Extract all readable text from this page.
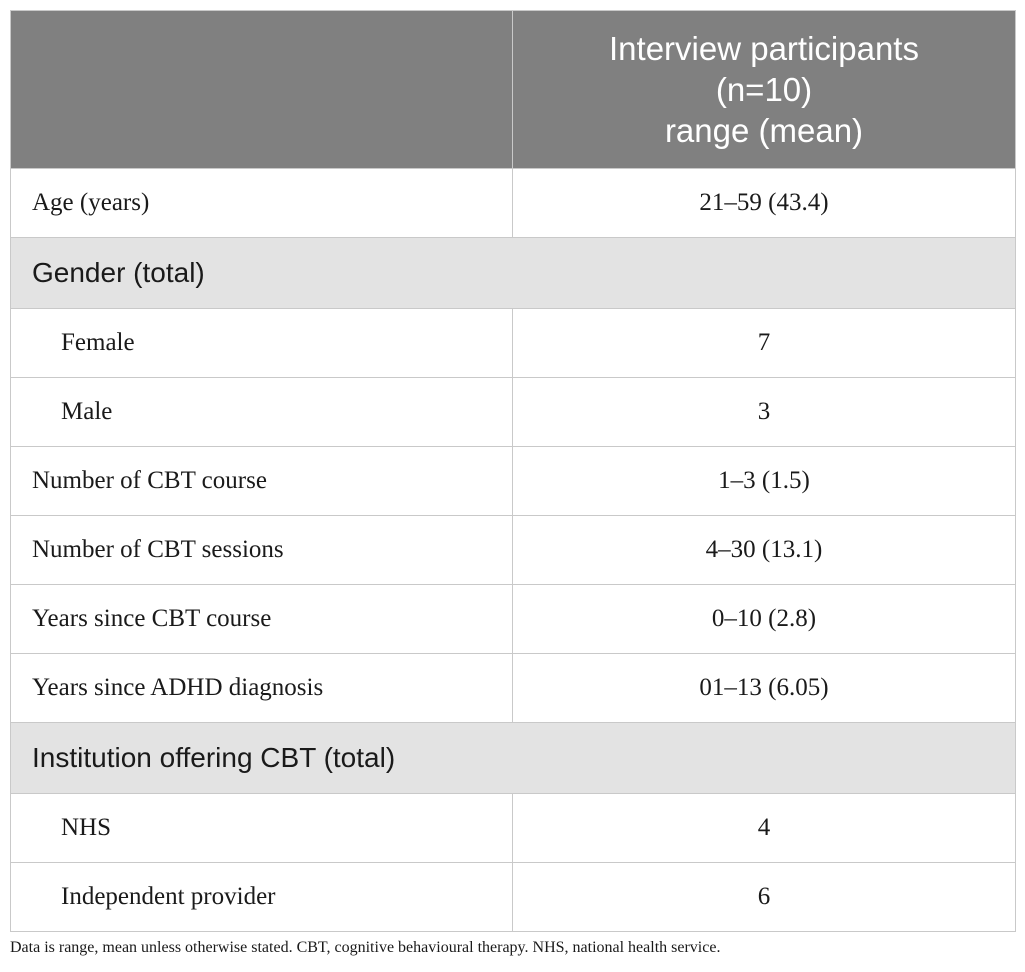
	Interview participants
(n=10)
range (mean)

Age (years)	21–59 (43.4)
Gender (total)	
Female	7
Male	3
Number of CBT course	1–3 (1.5)
Number of CBT sessions	4–30 (13.1)
Years since CBT course	0–10 (2.8)
Years since ADHD diagnosis	01–13 (6.05)
Institution offering CBT (total)	
NHS	4
Independent provider	6
Data is range, mean unless otherwise stated. CBT, cognitive behavioural therapy. NHS, national health service.
